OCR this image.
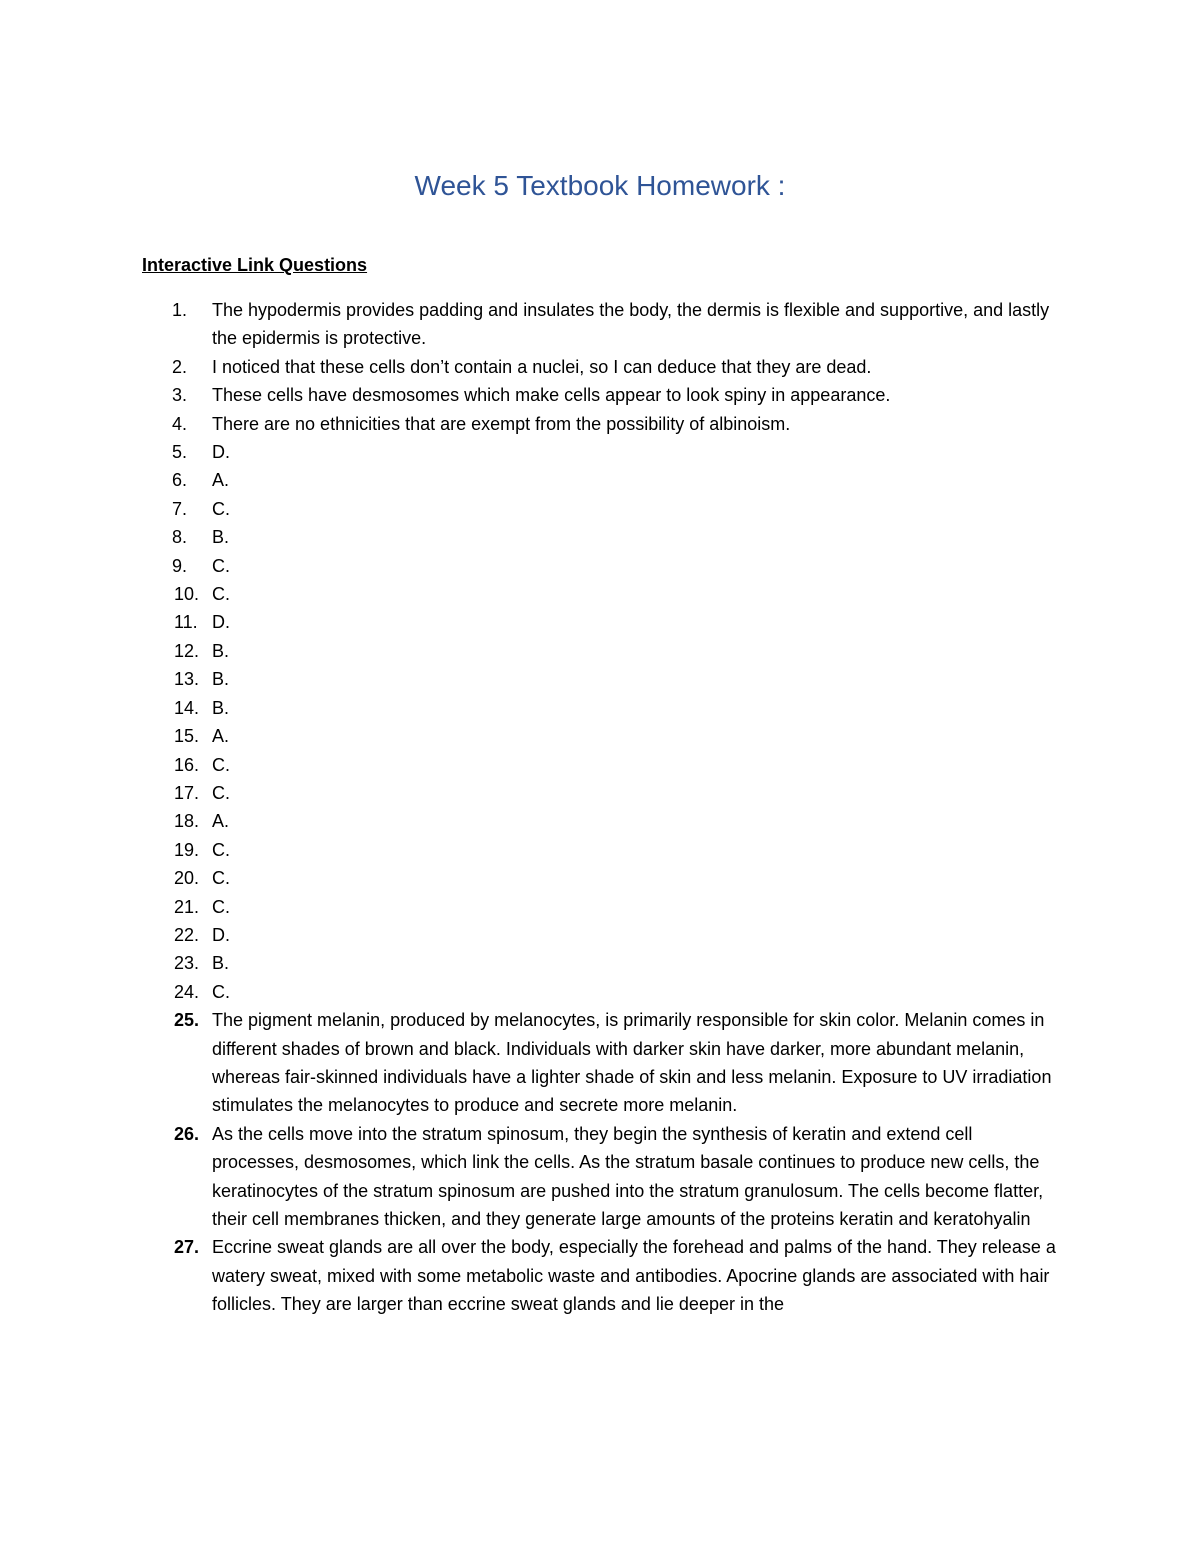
Week 5 Textbook Homework :
Interactive Link Questions
1.	The hypodermis provides padding and insulates the body, the dermis is flexible and supportive, and lastly the epidermis is protective.
2.	I noticed that these cells don’t contain a nuclei, so I can deduce that they are dead.
3.	These cells have desmosomes which make cells appear to look spiny in appearance.
4.	There are no ethnicities that are exempt from the possibility of albinoism.
5.	D.
6.	A.
7.	C.
8.	B.
9.	C.
10. C.
11. D.
12. B.
13. B.
14. B.
15. A.
16. C.
17. C.
18. A.
19. C.
20. C.
21. C.
22. D.
23. B.
24. C.
25. The pigment melanin, produced by melanocytes, is primarily responsible for skin color. Melanin comes in different shades of brown and black. Individuals with darker skin have darker, more abundant melanin, whereas fair-skinned individuals have a lighter shade of skin and less melanin. Exposure to UV irradiation stimulates the melanocytes to produce and secrete more melanin.
26. As the cells move into the stratum spinosum, they begin the synthesis of keratin and extend cell processes, desmosomes, which link the cells. As the stratum basale continues to produce new cells, the keratinocytes of the stratum spinosum are pushed into the stratum granulosum. The cells become flatter, their cell membranes thicken, and they generate large amounts of the proteins keratin and keratohyalin
27. Eccrine sweat glands are all over the body, especially the forehead and palms of the hand. They release a watery sweat, mixed with some metabolic waste and antibodies. Apocrine glands are associated with hair follicles. They are larger than eccrine sweat glands and lie deeper in the
